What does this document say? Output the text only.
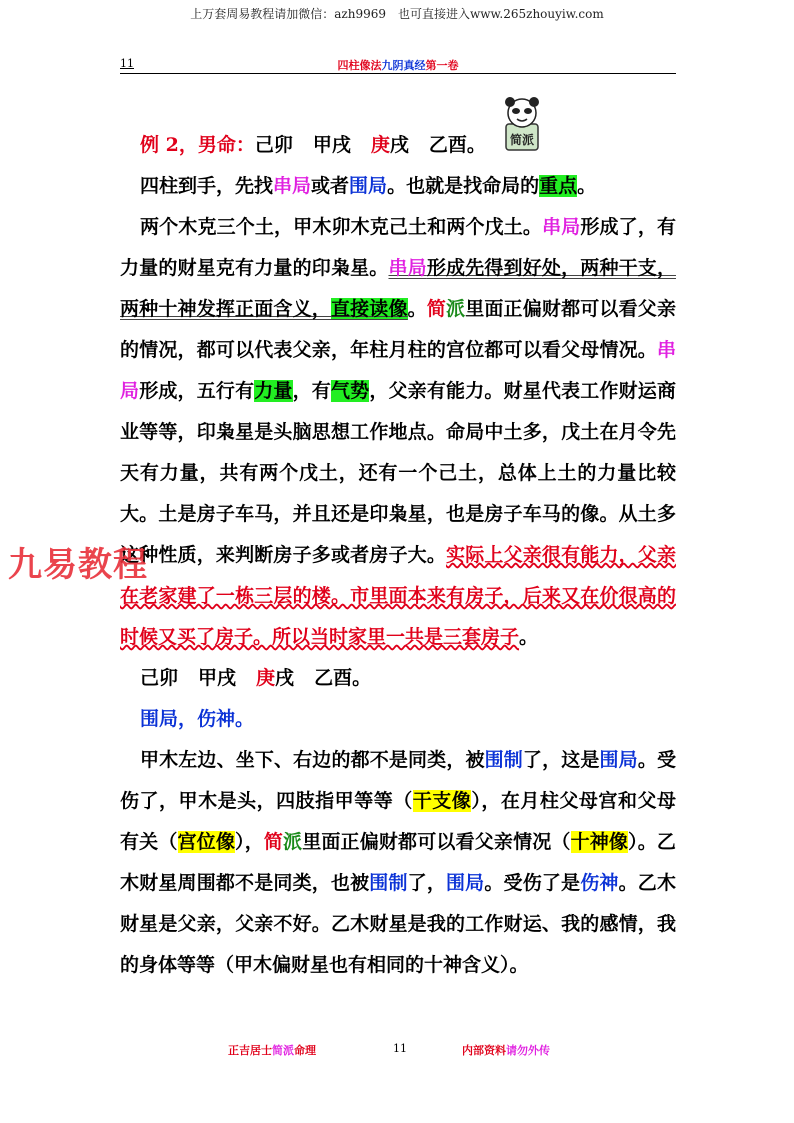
上万套周易教程请加微信：azh9969　也可直接进入www.265zhouyiw.com
11	四柱像法九阴真经第一卷
简派

例 2，男命：己卯 甲戌 庚戌 乙酉。

四柱到手，先找串局或者围局。也就是找命局的重点。

两个木克三个土，甲木卯木克己土和两个戊土。串局形成了，有力量的财星克有力量的印枭星。串局形成先得到好处，两种干支，两种十神发挥正面含义，直接读像。简派里面正偏财都可以看父亲的情况，都可以代表父亲，年柱月柱的宫位都可以看父母情况。串局形成，五行有力量，有气势，父亲有能力。财星代表工作财运商业等等，印枭星是头脑思想工作地点。命局中土多，戊土在月令先天有力量，共有两个戊土，还有一个己土，总体上土的力量比较大。土是房子车马，并且还是印枭星，也是房子车马的像。从土多这种性质，来判断房子多或者房子大。实际上父亲很有能力，父亲在老家建了一栋三层的楼。市里面本来有房子，后来又在价很高的时候又买了房子。所以当时家里一共是三套房子。

己卯 甲戌 庚戌 乙酉。

围局，伤神。

甲木左边、坐下、右边的都不是同类，被围制了，这是围局。受伤了，甲木是头，四肢指甲等等（干支像），在月柱父母宫和父母有关（宫位像），简派里面正偏财都可以看父亲情况（十神像）。乙木财星周围都不是同类，也被围制了，围局。受伤了是伤神。乙木财星是父亲，父亲不好。乙木财星是我的工作财运、我的感情，我的身体等等（甲木偏财星也有相同的十神含义）。

九易教程
正吉居士简派命理	11	内部资料请勿外传
